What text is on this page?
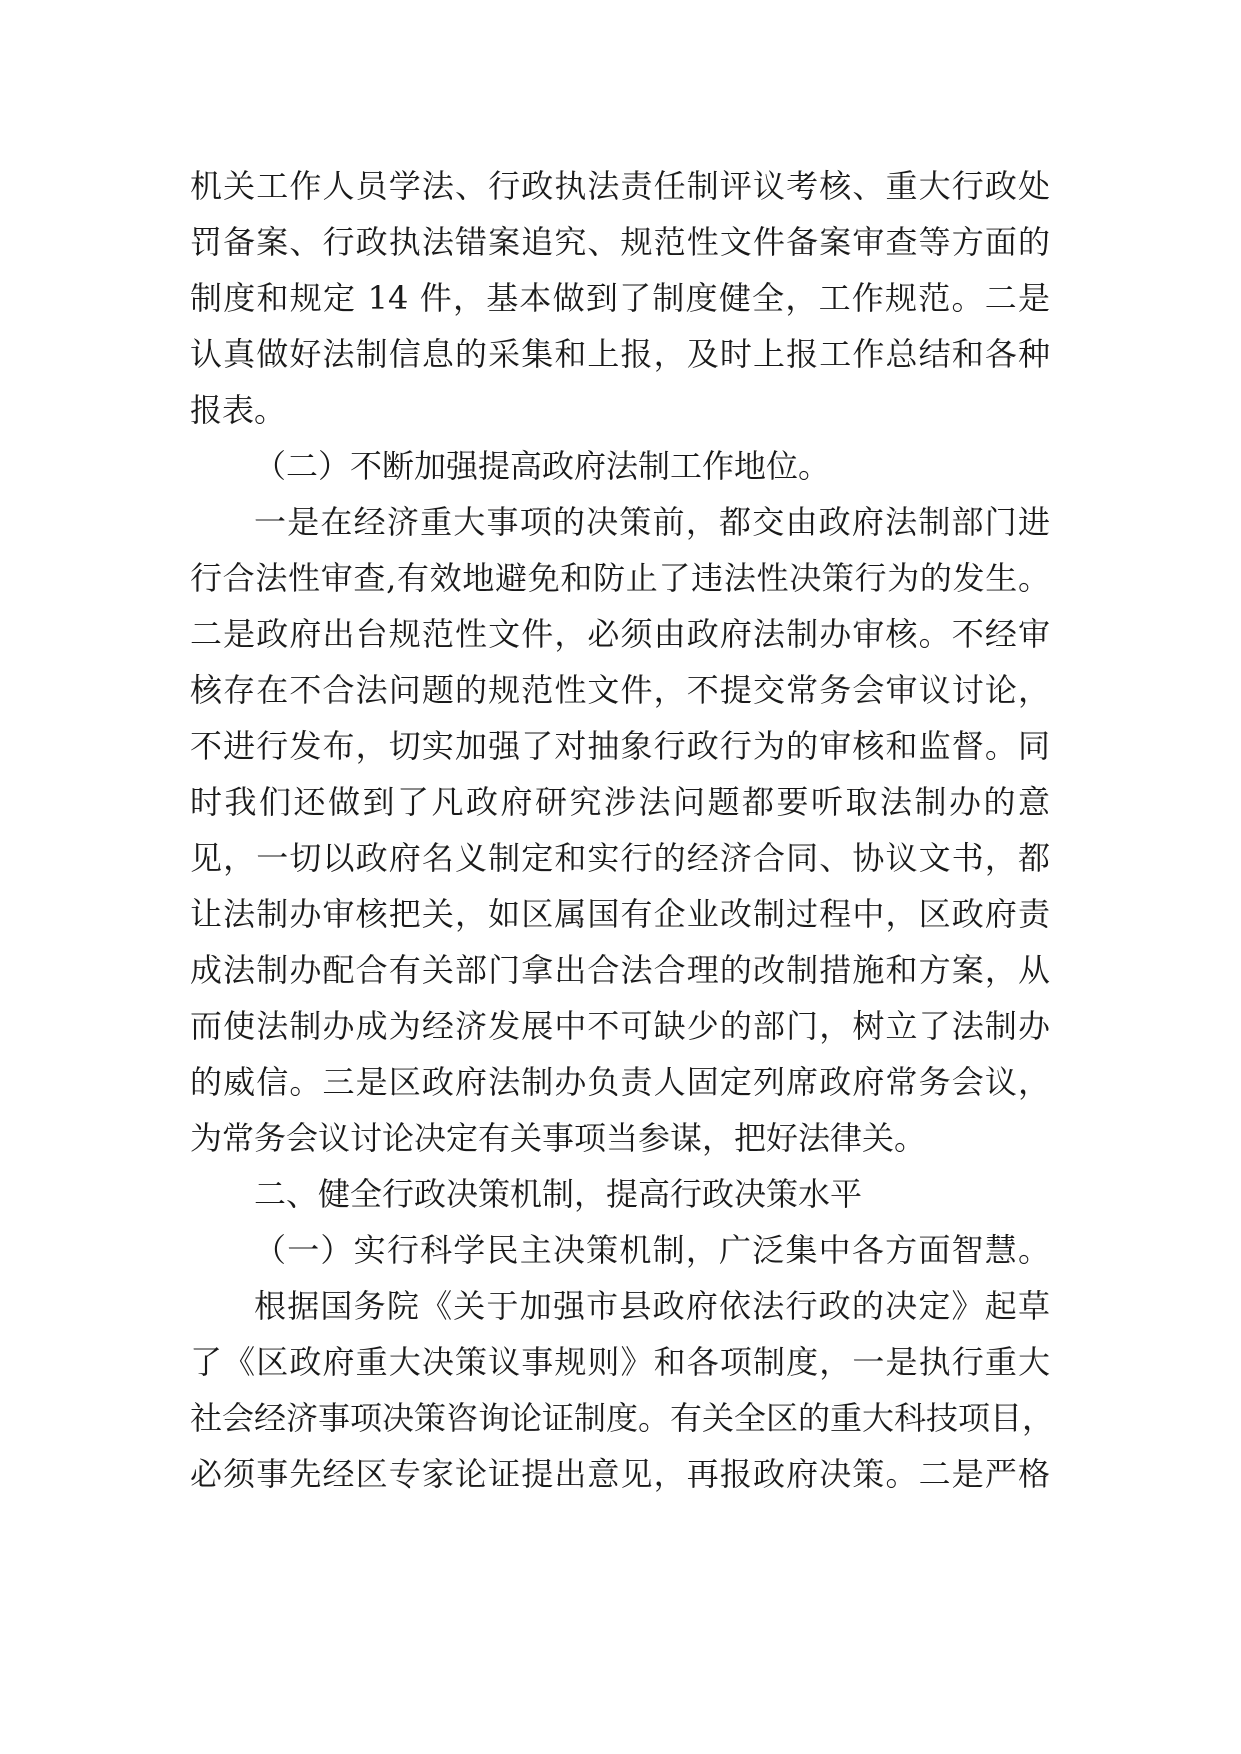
机关工作人员学法、行政执法责任制评议考核、重大行政处
罚备案、行政执法错案追究、规范性文件备案审查等方面的
制度和规定 14 件，基本做到了制度健全，工作规范。二是
认真做好法制信息的采集和上报，及时上报工作总结和各种
报表。
（二）不断加强提高政府法制工作地位。
一是在经济重大事项的决策前，都交由政府法制部门进
行合法性审查,有效地避免和防止了违法性决策行为的发生。
二是政府出台规范性文件，必须由政府法制办审核。不经审
核存在不合法问题的规范性文件，不提交常务会审议讨论，
不进行发布，切实加强了对抽象行政行为的审核和监督。同
时我们还做到了凡政府研究涉法问题都要听取法制办的意
见，一切以政府名义制定和实行的经济合同、协议文书，都
让法制办审核把关，如区属国有企业改制过程中，区政府责
成法制办配合有关部门拿出合法合理的改制措施和方案，从
而使法制办成为经济发展中不可缺少的部门，树立了法制办
的威信。三是区政府法制办负责人固定列席政府常务会议，
为常务会议讨论决定有关事项当参谋，把好法律关。
二、健全行政决策机制，提高行政决策水平
（一）实行科学民主决策机制，广泛集中各方面智慧。
根据国务院《关于加强市县政府依法行政的决定》起草
了《区政府重大决策议事规则》和各项制度，一是执行重大
社会经济事项决策咨询论证制度。有关全区的重大科技项目，
必须事先经区专家论证提出意见，再报政府决策。二是严格
